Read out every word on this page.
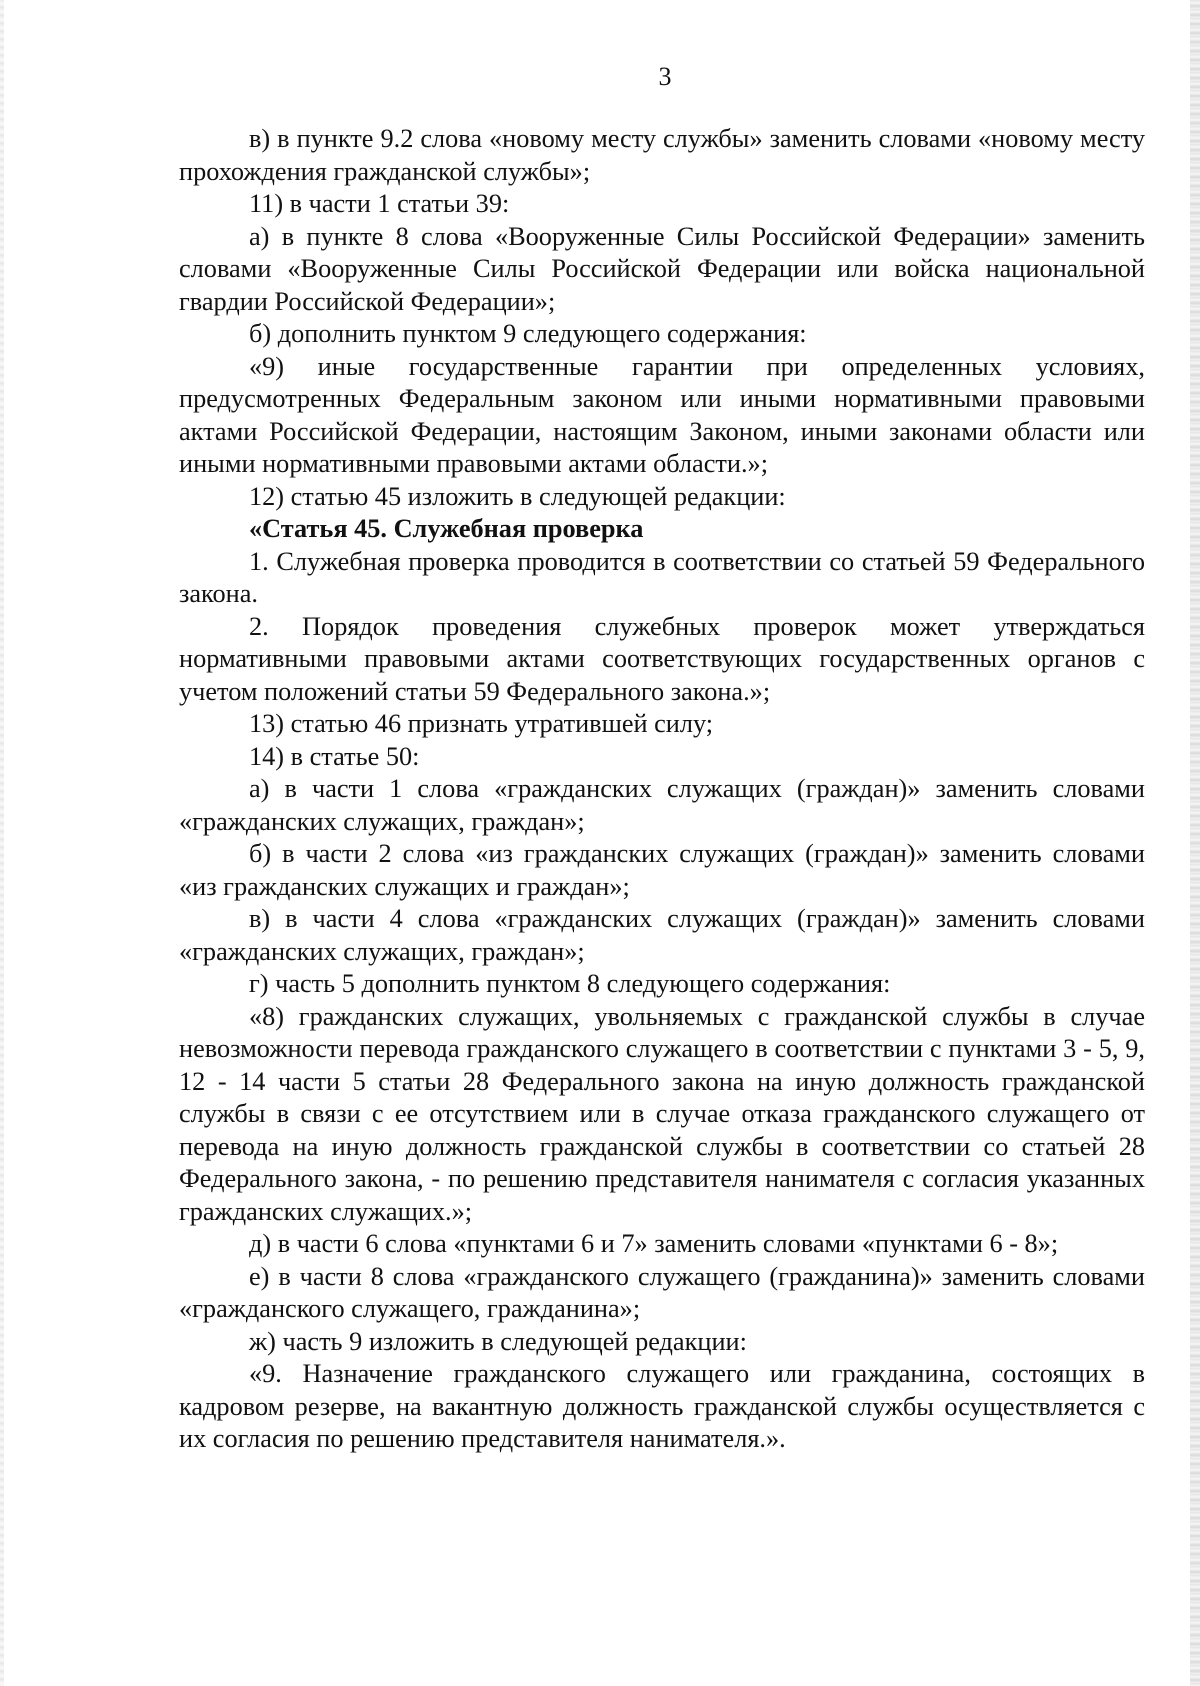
3

в) в пункте 9.2 слова «новому месту службы» заменить словами «новому месту прохождения гражданской службы»;

11) в части 1 статьи 39:

а) в пункте 8 слова «Вооруженные Силы Российской Федерации» заменить словами «Вооруженные Силы Российской Федерации или войска национальной гвардии Российской Федерации»;

б) дополнить пунктом 9 следующего содержания:

«9) иные государственные гарантии при определенных условиях, предусмотренных Федеральным законом или иными нормативными правовыми актами Российской Федерации, настоящим Законом, иными законами области или иными нормативными правовыми актами области.»;

12) статью 45 изложить в следующей редакции:

«Статья 45. Служебная проверка

1. Служебная проверка проводится в соответствии со статьей 59 Федерального закона.

2. Порядок проведения служебных проверок может утверждаться нормативными правовыми актами соответствующих государственных органов с учетом положений статьи 59 Федерального закона.»;

13) статью 46 признать утратившей силу;

14) в статье 50:

а) в части 1 слова «гражданских служащих (граждан)» заменить словами «гражданских служащих, граждан»;

б) в части 2 слова «из гражданских служащих (граждан)» заменить словами «из гражданских служащих и граждан»;

в) в части 4 слова «гражданских служащих (граждан)» заменить словами «гражданских служащих, граждан»;

г) часть 5 дополнить пунктом 8 следующего содержания:

«8) гражданских служащих, увольняемых с гражданской службы в случае невозможности перевода гражданского служащего в соответствии с пунктами 3 - 5, 9, 12 - 14 части 5 статьи 28 Федерального закона на иную должность гражданской службы в связи с ее отсутствием или в случае отказа гражданского служащего от перевода на иную должность гражданской службы в соответствии со статьей 28 Федерального закона, - по решению представителя нанимателя с согласия указанных гражданских служащих.»;

д) в части 6 слова «пунктами 6 и 7» заменить словами «пунктами 6 - 8»;

е) в части 8 слова «гражданского служащего (гражданина)» заменить словами «гражданского служащего, гражданина»;

ж) часть 9 изложить в следующей редакции:

«9. Назначение гражданского служащего или гражданина, состоящих в кадровом резерве, на вакантную должность гражданской службы осуществляется с их согласия по решению представителя нанимателя.».
